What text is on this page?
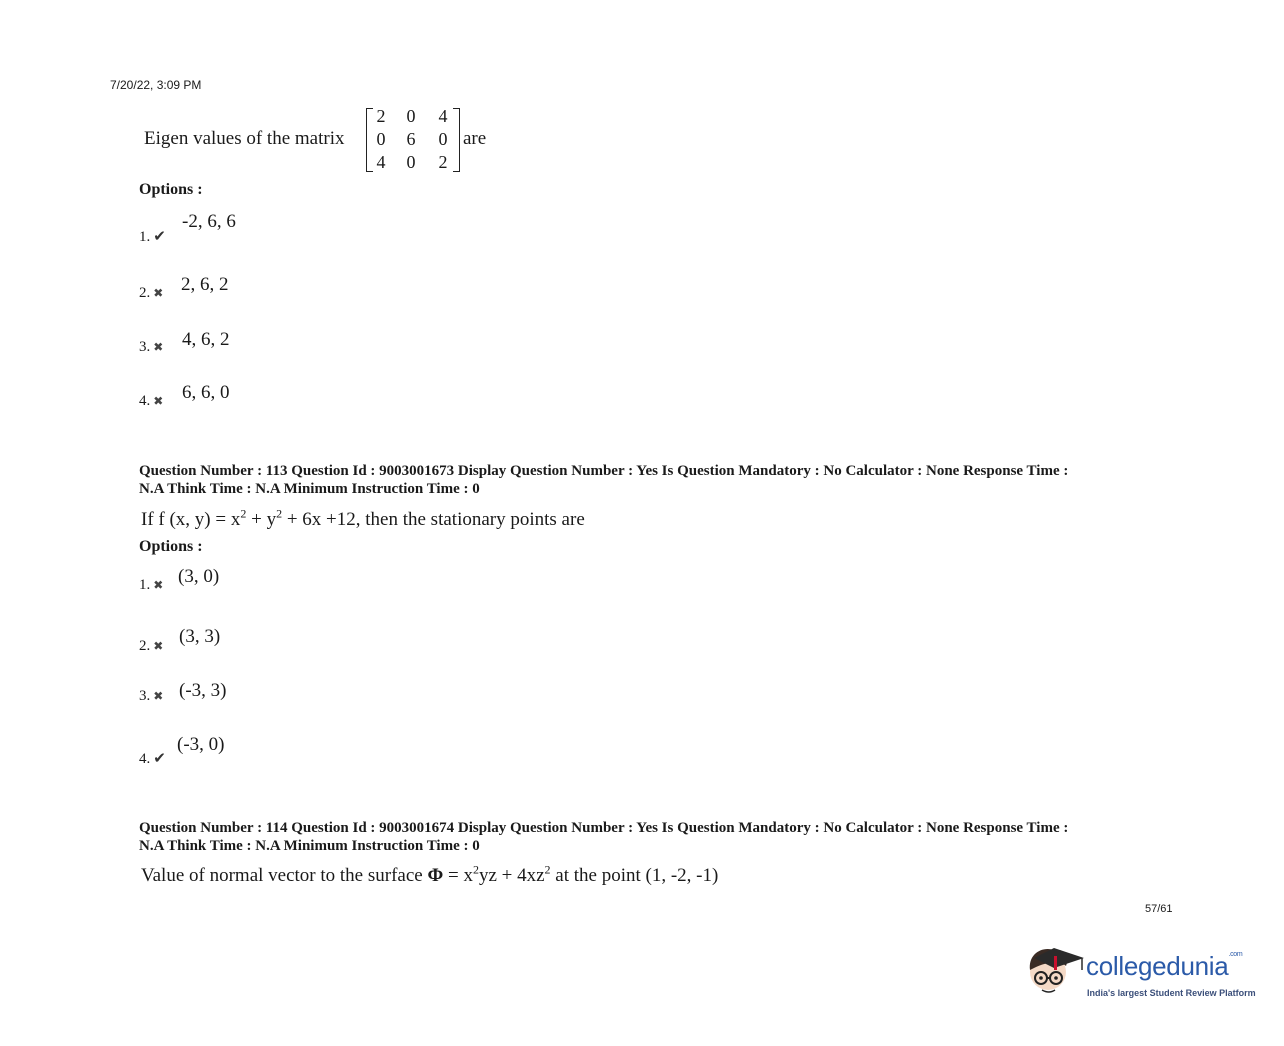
7/20/22, 3:09 PM
Eigen values of the matrix
2 0 4
0 6 0
4 0 2
are
Options :
1. ✔
-2, 6, 6
2. ✖ 2, 6, 2
3. ✖ 4, 6, 2
4. ✖ 6, 6, 0
Question Number : 113 Question Id : 9003001673 Display Question Number : Yes Is Question Mandatory : No Calculator : None Response Time :
N.A Think Time : N.A Minimum Instruction Time : 0
If f (x, $y) = x^2 + y^2 + 6x +12$, then the stationary points are
Options :
1. ✖ (3, 0)
2. ✖ (3, 3)
3. ✖ (-3, 3)
4. ✔
(-3, 0)
Question Number : 114 Question Id : 9003001674 Display Question Number : Yes Is Question Mandatory : No Calculator : None Response Time :
N.A Think Time : N.A Minimum Instruction Time : 0
Value of normal vector to the surface $\Phi = x^2yz + 4xz^2$ at the point (1, -2, -1)
57/61
collegedunia$^{.com}$
India's largest Student Review Platform
